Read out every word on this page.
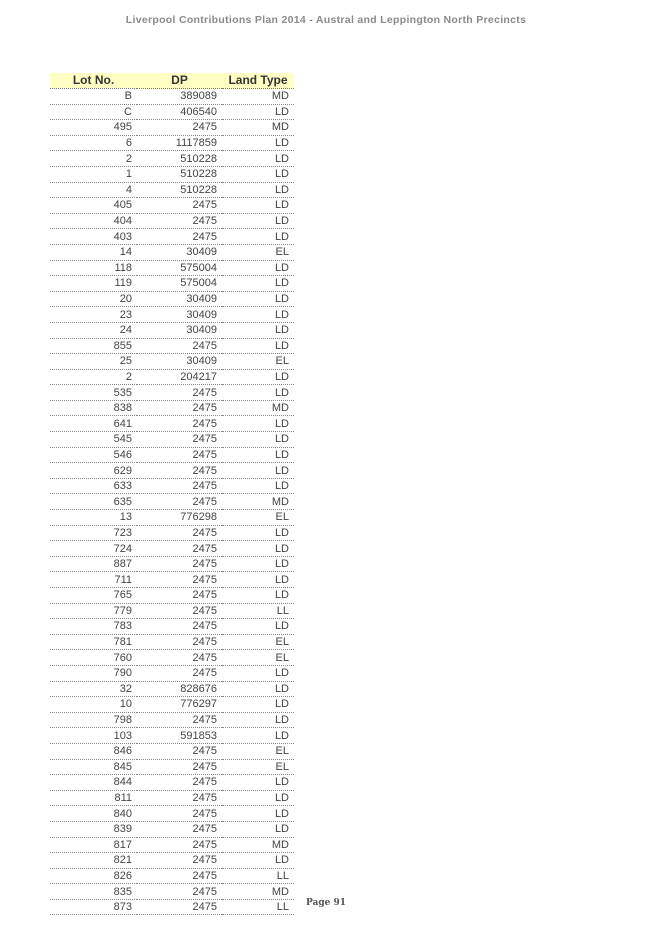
Liverpool Contributions Plan 2014 - Austral and Leppington North Precincts
Lot No.	DP	Land Type
B	389089	MD
C	406540	LD
495	2475	MD
6	1117859	LD
2	510228	LD
1	510228	LD
4	510228	LD
405	2475	LD
404	2475	LD
403	2475	LD
14	30409	EL
118	575004	LD
119	575004	LD
20	30409	LD
23	30409	LD
24	30409	LD
855	2475	LD
25	30409	EL
2	204217	LD
535	2475	LD
838	2475	MD
641	2475	LD
545	2475	LD
546	2475	LD
629	2475	LD
633	2475	LD
635	2475	MD
13	776298	EL
723	2475	LD
724	2475	LD
887	2475	LD
711	2475	LD
765	2475	LD
779	2475	LL
783	2475	LD
781	2475	EL
760	2475	EL
790	2475	LD
32	828676	LD
10	776297	LD
798	2475	LD
103	591853	LD
846	2475	EL
845	2475	EL
844	2475	LD
811	2475	LD
840	2475	LD
839	2475	LD
817	2475	MD
821	2475	LD
826	2475	LL
835	2475	MD
873	2475	LL	Page 91
